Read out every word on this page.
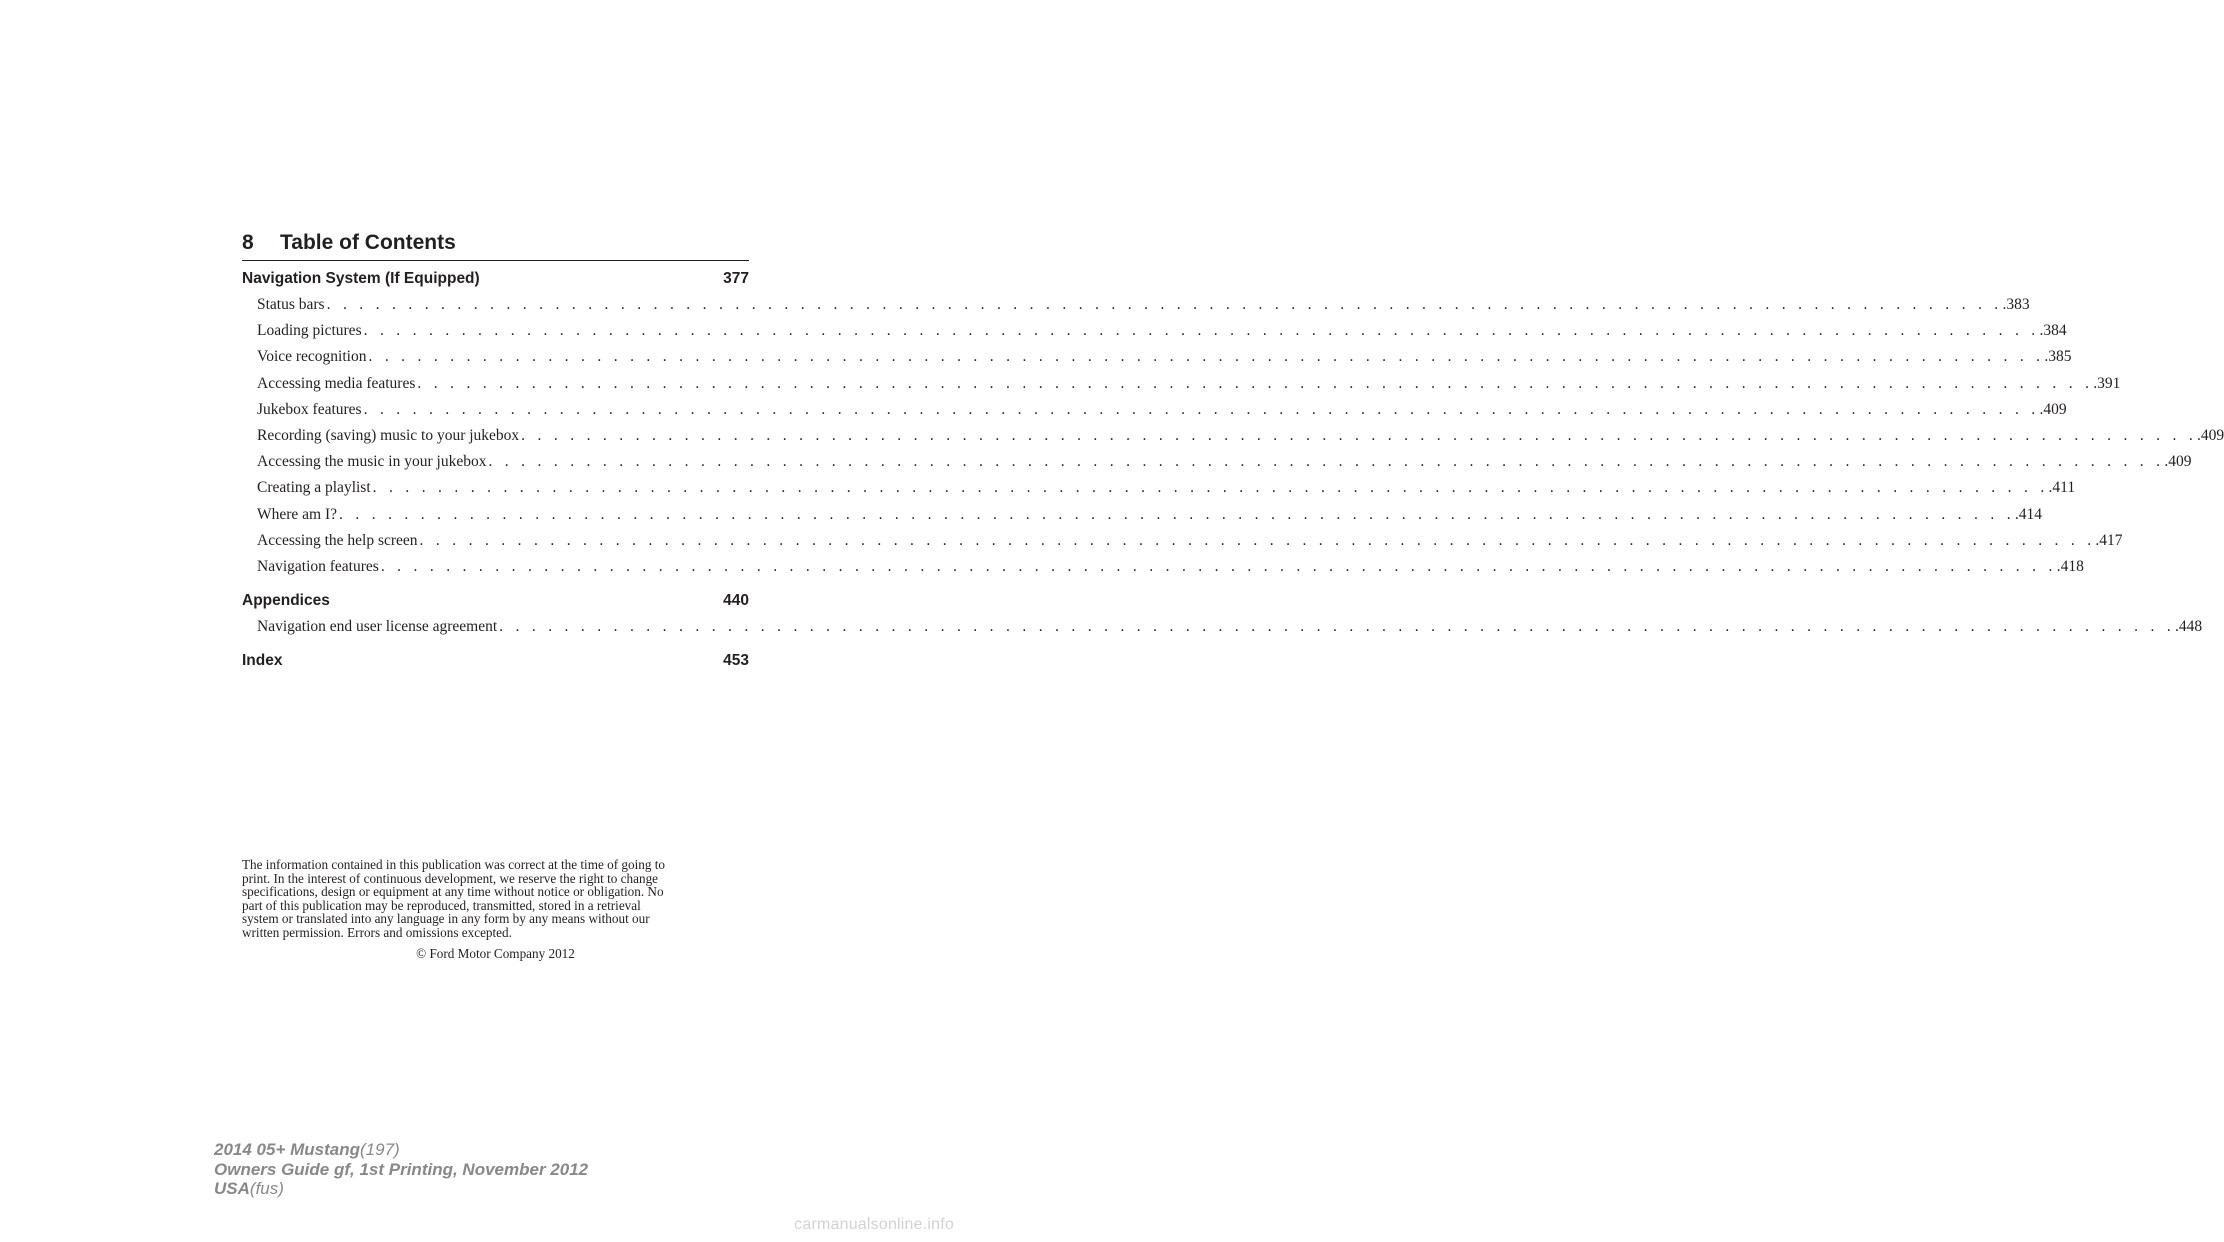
8 Table of Contents
Navigation System (If Equipped)	377
Status bars . . . . . . . . . . . . . . . . . . . . . . . . . . . . . . . . . . . . . . . . . . . . . . . . . . . . . . . . . . . . . . . . . . . . . . . . . . . . . . . . . . . . . . . . . . . . . . . . . . . . . . . .383
Loading pictures . . . . . . . . . . . . . . . . . . . . . . . . . . . . . . . . . . . . . . . . . . . . . . . . . . . . . . . . . . . . . . . . . . . . . . . . . . . . . . . . . . . . . . . . . . . . . . . . . . . . . . . .384
Voice recognition . . . . . . . . . . . . . . . . . . . . . . . . . . . . . . . . . . . . . . . . . . . . . . . . . . . . . . . . . . . . . . . . . . . . . . . . . . . . . . . . . . . . . . . . . . . . . . . . . . . . . . . .385
Accessing media features . . . . . . . . . . . . . . . . . . . . . . . . . . . . . . . . . . . . . . . . . . . . . . . . . . . . . . . . . . . . . . . . . . . . . . . . . . . . . . . . . . . . . . . . . . . . . . . . . . . . . . . .391
Jukebox features . . . . . . . . . . . . . . . . . . . . . . . . . . . . . . . . . . . . . . . . . . . . . . . . . . . . . . . . . . . . . . . . . . . . . . . . . . . . . . . . . . . . . . . . . . . . . . . . . . . . . . . .409
Recording (saving) music to your jukebox . . . . . . . . . . . . . . . . . . . . . . . . . . . . . . . . . . . . . . . . . . . . . . . . . . . . . . . . . . . . . . . . . . . . . . . . . . . . . . . . . . . . . . . . . . . . . . . . . . . . . . . .409
Accessing the music in your jukebox . . . . . . . . . . . . . . . . . . . . . . . . . . . . . . . . . . . . . . . . . . . . . . . . . . . . . . . . . . . . . . . . . . . . . . . . . . . . . . . . . . . . . . . . . . . . . . . . . . . . . . . .409
Creating a playlist . . . . . . . . . . . . . . . . . . . . . . . . . . . . . . . . . . . . . . . . . . . . . . . . . . . . . . . . . . . . . . . . . . . . . . . . . . . . . . . . . . . . . . . . . . . . . . . . . . . . . . . .411
Where am I? . . . . . . . . . . . . . . . . . . . . . . . . . . . . . . . . . . . . . . . . . . . . . . . . . . . . . . . . . . . . . . . . . . . . . . . . . . . . . . . . . . . . . . . . . . . . . . . . . . . . . . . .414
Accessing the help screen . . . . . . . . . . . . . . . . . . . . . . . . . . . . . . . . . . . . . . . . . . . . . . . . . . . . . . . . . . . . . . . . . . . . . . . . . . . . . . . . . . . . . . . . . . . . . . . . . . . . . . . .417
Navigation features . . . . . . . . . . . . . . . . . . . . . . . . . . . . . . . . . . . . . . . . . . . . . . . . . . . . . . . . . . . . . . . . . . . . . . . . . . . . . . . . . . . . . . . . . . . . . . . . . . . . . . . .418
Appendices	440
Navigation end user license agreement . . . . . . . . . . . . . . . . . . . . . . . . . . . . . . . . . . . . . . . . . . . . . . . . . . . . . . . . . . . . . . . . . . . . . . . . . . . . . . . . . . . . . . . . . . . . . . . . . . . . . . . .448
Index	453
The information contained in this publication was correct at the time of going to
print. In the interest of continuous development, we reserve the right to change
specifications, design or equipment at any time without notice or obligation. No
part of this publication may be reproduced, transmitted, stored in a retrieval
system or translated into any language in any form by any means without our
written permission. Errors and omissions excepted.
© Ford Motor Company 2012
2014 05+ Mustang(197)
Owners Guide gf, 1st Printing, November 2012
USA(fus)
carmanualsonline.info
